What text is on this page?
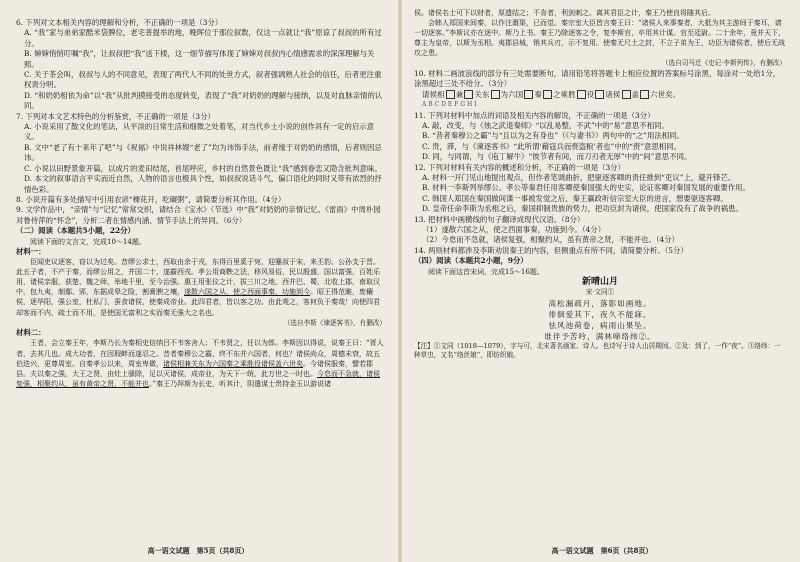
6. 下列对文本相关内容的理解和分析，不正确的一项是（3分）

A. “我”家与弟弟家酷米袋脾位，老宅普提举的地，晚晖位于那位叙数，仅这一点就让“我”原谅了叔叔的所有过分。

B. 婶婶悄悄叮嘱“我”，让叔叔把“我”送下楼，这一细节描写体现了婶婶对叔叔内心情感需求的深深理解与关照。

C. 关于茶会叫，叔叔与人的不同意见，表现了两代人不同的处世方式，叙者强调熟人社会的信任，后者更注重权责分明。

D. “和奶奶相依为命”以“我”从批判摸接受的态度转变，表现了“我”对奶奶的理解与接纳，以及对血脉亲情的认同。

7. 下列对本文艺术特色的分析鉴赏，不正确的一项是（3分）

A. 小说采用了散文化的笔法，从平淡的日常生活和细微之处着笔，对当代乡土小说的创作具有一定的启示意义。

B. 文中“老了有十来年了吧”与《祝福》中说祥林嫂“老了”均为讳饰手法，前者缘于对奶奶的感情，后者则因忌讳。

C. 小说以田野景象开篇，以成片的麦田结尾，首尾呼应，乡村的自然景色既让“我”感到眷恋又隐含批判意味。

D. 本文的叙事语言平实而近自然，人物的语言也极具个性，如叔叔说话斗气，偏口语化的同时又带有浓烈的抒情色彩。

8. 小说开篇有多处描写中引用农谚“稞花开，吃碾粥”，请简要分析其作用。（4分）

9. 文学作品中，“亲情”与“记忆”常常交织，请结合《宝水》（节选）中“我”对奶奶的亲情记忆、《雷雨》中周朴园对鲁侍萍的“怀念”，分析二者在情感内涵、情节手法上的异同。（6分）

（二）阅读（本题共5小题，22分）

阅读下面的文言文，完成10～14题。

材料一：

臣闻吏议逐客，窃以为过矣。昔缪公求士，西取由余于戎，东得百里奚于宛，迎蹇叔于宋，来丕豹、公孙支于晋。此五子者，不产于秦，而缪公用之，并国二十，遂霸西戎。孝公用商鞅之法，移风易俗，民以殷盛，国以富强，百姓乐用，诸侯亲服，获楚、魏之师，举地千里，至今治强。惠王用张仪之计，拔三川之地，西并巴、蜀，北收上郡，南取汉中，包九夷，制鄢、郢，东据成皋之险，割膏腴之壤，遂散六国之从，使之西面事秦，功施到今。昭王得范雎，废穰侯，逐华阳，强公室，杜私门，蚕食诸侯，使秦成帝业。此四君者，皆以客之功。由此观之，客何负于秦哉！向使四君却客而不内，疏士而不用，是使国无富利之实而秦无强大之名也。

（选自李斯《谏逐客书》，有删改）

材料二：

王者，会立秦王年，李斯乃长为秦相史信纳吕不韦客舍人；不韦贤之，任以为郎。李斯因以得说，说秦王曰：“胥人者，去其几也。成大功者，在因瑕衅而遂忍之。昔者秦穆公之霸，终不东并六国者，何也？诸侯尚众，周德未衰，故五伯迭兴，更尊周室。自秦孝公以来，周室卑微，诸侯相兼关东为六国秦之乘胜役诸侯盖六世矣。今诸侯服秦，譬若郡县。夫以秦之强，大王之贤，由灶上骚除，足以灭诸侯，成帝业，为天下一统，此万世之一时也。今怠而不急就，诸侯复强，相聚约从，虽有黄帝之贤，不能并也。”秦王乃拜斯为长史，听其计，阴遣谋士贵持金玉以游说诸

高一语文试题　第5页（共8页）

侯。诸侯名士可下以财者，厚遗结之；不肯者，利剑刺之。离其君臣之计，秦王乃使良将随其后。

会韩人郑国来间秦，以作注溉渠，已而觉。秦宗室大臣皆言秦王曰：“诸侯人来事秦者，大抵为其主游间于秦耳，请一切逐客。”李斯议亦在逐中。斯乃上书。秦王乃除逐客之令，复李斯官，卒用其计谋。官至廷尉。二十余年，竟并天下，尊主为皇帝，以斯为丞相。夷郡县城，销其兵刃，示不复用。使秦无尺土之封，不立子弟为王，功臣为诸侯者，使后无战攻之患。

（选自司马迁《史记·李斯列传》，有删改）

10. 材料二画波浪线的部分有三处需要断句，请用铅笔将答题卡上相应位置的答案标号涂黑，每涂对一处给1分，涂黑超过三处不给分。（3分）

请侯相 兼 关东 为六国 秦 之乘胜 役 诸侯 盖 六世矣。

A B C D E F G H I

11. 下列对材料中加点的词语及相关内容的解说，不正确的一项是（3分）

A. 敲，改变，与《烛之武退秦师》“以乱易整，不武”中的“易”意思不相同。

B. “昔者秦穆公之霸”与“且以为之有身也”（《与妻书》）两句中的“之”用法相同。

C. 贵，滞，与《谏逐客书》“此所谓‘藉寇兵而赍盗粮’者也”中的“赍”意思相同。

D. 同，与同谓，与《庖丁解牛》“彼节者有间，而刀刃者无厚”中的“间”意思不同。

12. 下列对材料有关内容的概述和分析，不正确的一项是（3分）

A. 材料一开门见山地提出观点，但作者笔调曲折，把驱逐客卿的责任推到“吏议”上，避开锋芒。

B. 材料一李斯列举缪公、孝公等秦君任用客卿使秦国强大的史实，论证客卿对秦国发展的重要作用。

C. 韩国人郑国在秦国做间谍一事被发觉之后，秦王赢政听信宗室大臣的进言，想要驱逐客卿。

D. 皇帝任命李斯为丞相之后，秦国抑制贵族的势力，把功臣封为诸侯，使国家没有了战争的祸患。

13. 把材料中画横线的句子翻译成现代汉语。（8分）

（1）遂散六国之从，使之西面事秦，功施到今。（4分）

（2）今怠而不急就，诸侯复强，相聚约从，虽有黄帝之贤，不能并也。（4分）

14. 两则材料都涉及李斯劝说秦王的内容，但侧重点有所不同，请简要分析。（5分）

（四）阅读（本题共2小题，9分）

阅读下面这首宋词，完成15～16题。

新晴山月

宋·文同①

高松漏疏月，落影如画地。

徘徊爱其下，夜久不能寐。

怯风池荷卷，病雨山果坠。

谁伴予苦吟，满林啼络纬②。

【注】①文同（1018—1079），字与可，北宋著名画家、诗人。也诗写于诗人山居期间。②及：到了，一作“夜”。③络纬：一种草虫，又名“络丝娘”，即纺织娘。

高一语文试题　第6页（共8页）
